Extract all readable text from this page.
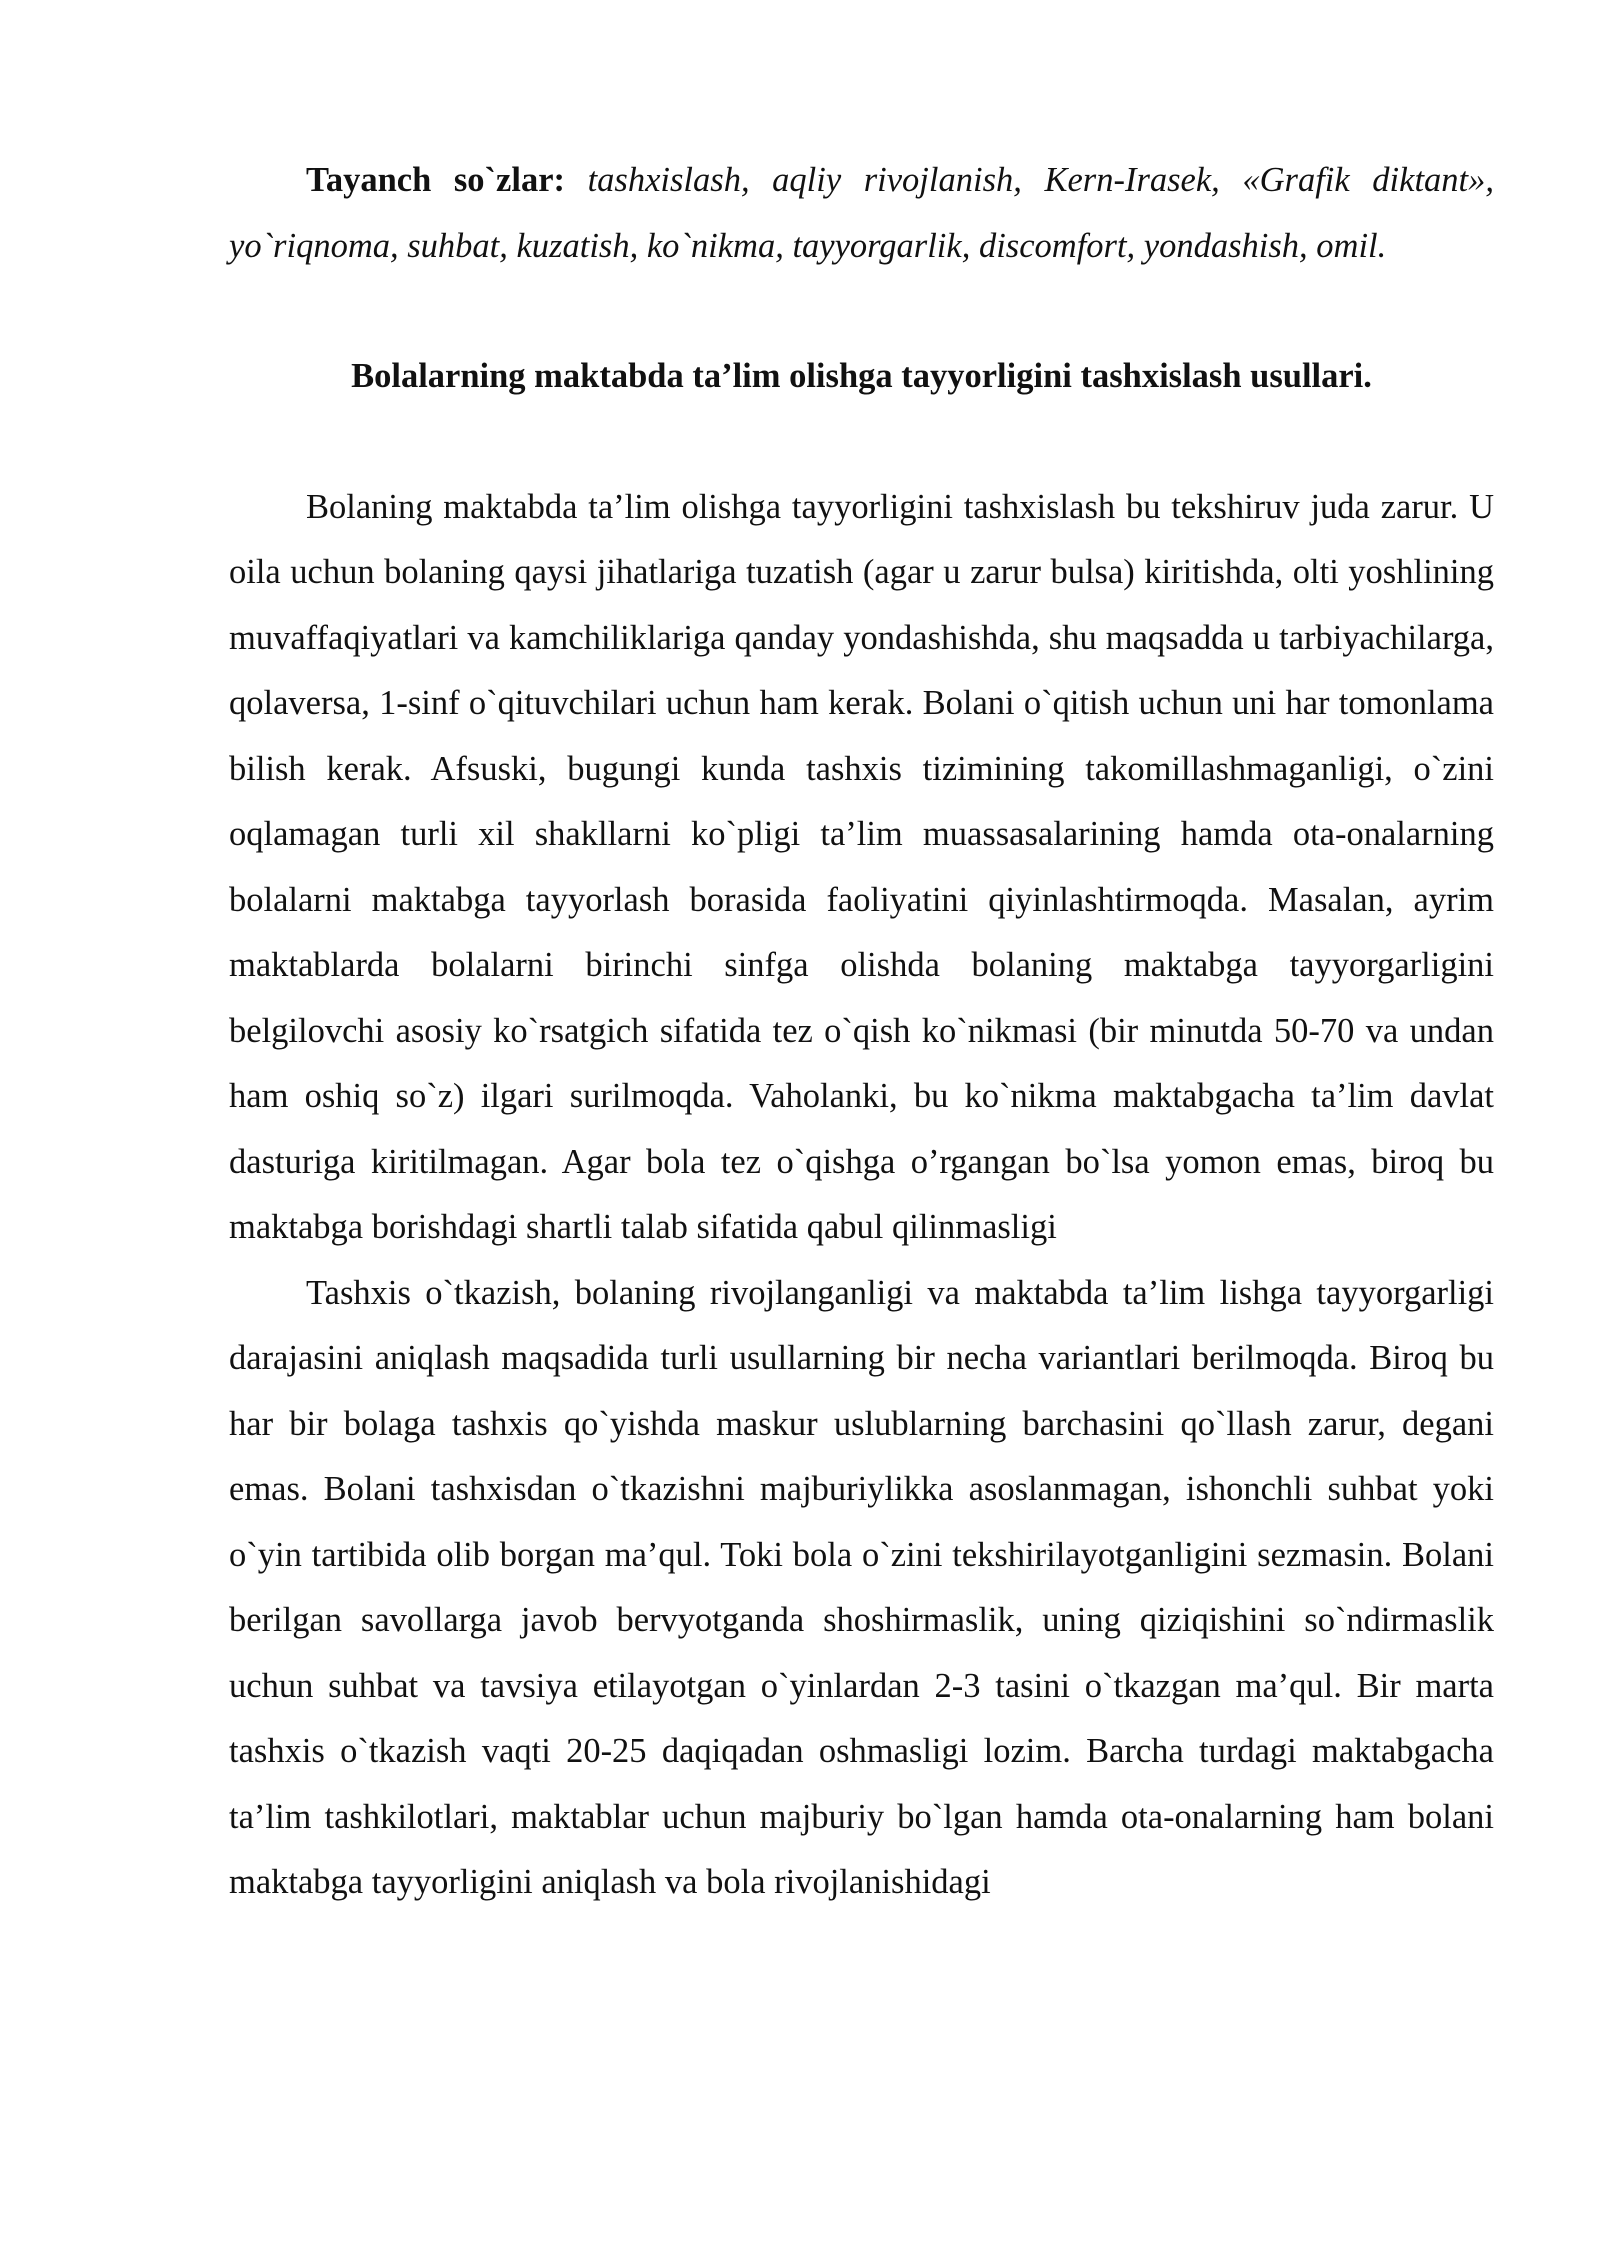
Tayanch so`zlar: tashxislash, aqliy rivojlanish, Kern-Irasek, «Grafik diktant», yo`riqnoma, suhbat, kuzatish, ko`nikma, tayyorgarlik, discomfort, yondashish, omil.

Bolalarning maktabda ta’lim olishga tayyorligini tashxislash usullari.

Bolaning maktabda ta’lim olishga tayyorligini tashxislash bu tekshiruv juda zarur. U oila uchun bolaning qaysi jihatlariga tuzatish (agar u zarur bulsa) kiritishda, olti yoshlining muvaffaqiyatlari va kamchiliklariga qanday yondashishda, shu maqsadda u tarbiyachilarga, qolaversa, 1-sinf o`qituvchilari uchun ham kerak. Bolani o`qitish uchun uni har tomonlama bilish kerak. Afsuski, bugungi kunda tashxis tizimining takomillashmaganligi, o`zini oqlamagan turli xil shakllarni ko`pligi ta’lim muassasalarining hamda ota-onalarning bolalarni maktabga tayyorlash borasida faoliyatini qiyinlashtirmoqda. Masalan, ayrim maktablarda bolalarni birinchi sinfga olishda bolaning maktabga tayyorgarligini belgilovchi asosiy ko`rsatgich sifatida tez o`qish ko`nikmasi (bir minutda 50-70 va undan ham oshiq so`z) ilgari surilmoqda. Vaholanki, bu ko`nikma maktabgacha ta’lim davlat dasturiga kiritilmagan. Agar bola tez o`qishga o’rgangan bo`lsa yomon emas, biroq bu maktabga borishdagi shartli talab sifatida qabul qilinmasligi

Tashxis o`tkazish, bolaning rivojlanganligi va maktabda ta’lim lishga tayyorgarligi darajasini aniqlash maqsadida turli usullarning bir necha variantlari berilmoqda. Biroq bu har bir bolaga tashxis qo`yishda maskur uslublarning barchasini qo`llash zarur, degani emas. Bolani tashxisdan o`tkazishni majburiylikka asoslanmagan, ishonchli suhbat yoki o`yin tartibida olib borgan ma’qul. Toki bola o`zini tekshirilayotganligini sezmasin. Bolani berilgan savollarga javob bervyotganda shoshirmaslik, uning qiziqishini so`ndirmaslik uchun suhbat va tavsiya etilayotgan o`yinlardan 2-3 tasini o`tkazgan ma’qul. Bir marta tashxis o`tkazish vaqti 20-25 daqiqadan oshmasligi lozim. Barcha turdagi maktabgacha ta’lim tashkilotlari, maktablar uchun majburiy bo`lgan hamda ota-onalarning ham bolani maktabga tayyorligini aniqlash va bola rivojlanishidagi
